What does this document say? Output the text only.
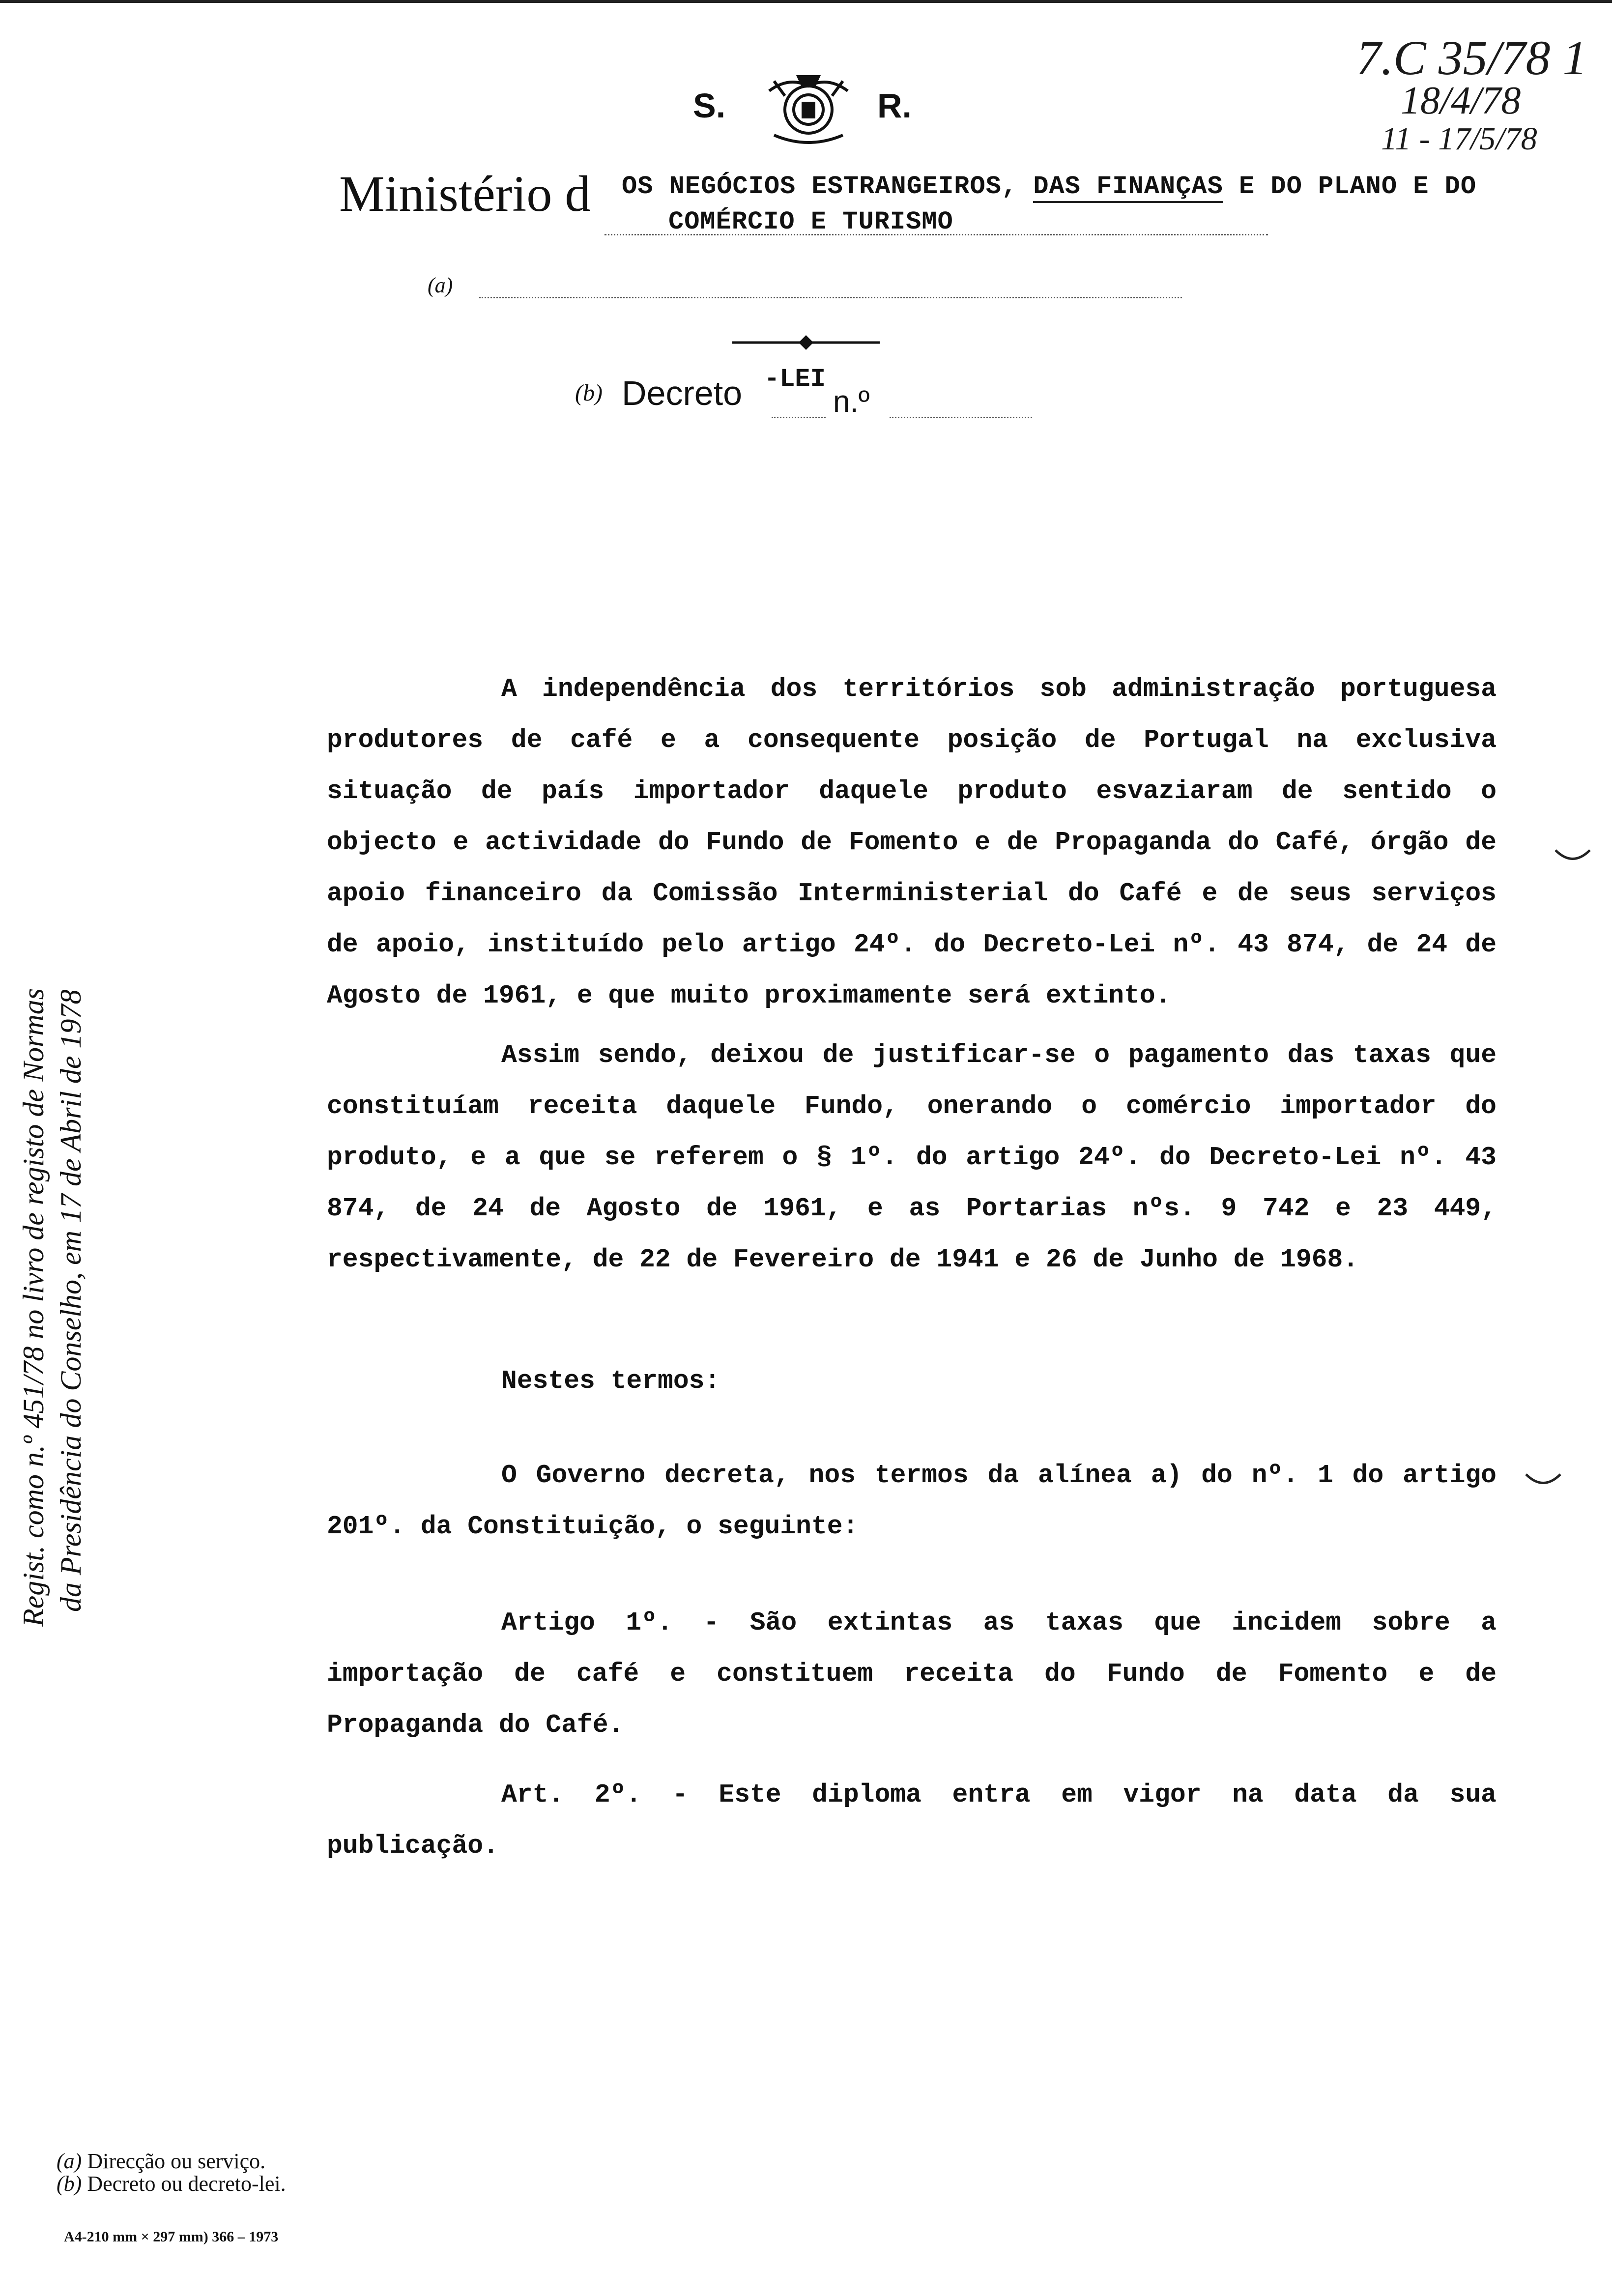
7.C 35/78 1
18/4/78
11 - 17/5/78
S.	R.
Ministério d OS NEGÓCIOS ESTRANGEIROS, DAS FINANÇAS E DO PLANO E DO
COMÉRCIO E TURISMO
(a)
(b) Decreto -LEI
n.º
Regist. como n.º 451/78 no livro de registo de Normas da Presidência do Conselho, em 17 de Abril de 1978
A independência dos territórios sob administração portuguesa produtores de café e a consequente posição de Portugal na exclusiva situação de país importador daquele produto esvaziaram de sentido o objecto e actividade do Fundo de Fomento e de Propaganda do Café, órgão de apoio financeiro da Comissão Interministerial do Café e de seus serviços de apoio, instituído pelo artigo 24º. do Decreto-Lei nº. 43 874, de 24 de Agosto de 1961, e que muito proximamente será extinto.
Assim sendo, deixou de justificar-se o pagamento das taxas que constituíam receita daquele Fundo, onerando o comércio importador do produto, e a que se referem o § 1º. do artigo 24º. do Decreto-Lei nº. 43 874, de 24 de Agosto de 1961, e as Portarias nºs. 9 742 e 23 449, respectivamente, de 22 de Fevereiro de 1941 e 26 de Junho de 1968.
Nestes termos:
O Governo decreta, nos termos da alínea a) do nº. 1 do artigo 201º. da Constituição, o seguinte:
Artigo 1º. - São extintas as taxas que incidem sobre a importação de café e constituem receita do Fundo de Fomento e de Propaganda do Café.
Art. 2º. - Este diploma entra em vigor na data da sua publicação.
(a) Direcção ou serviço.
(b) Decreto ou decreto-lei.
A4-210 mm × 297 mm) 366 – 1973
